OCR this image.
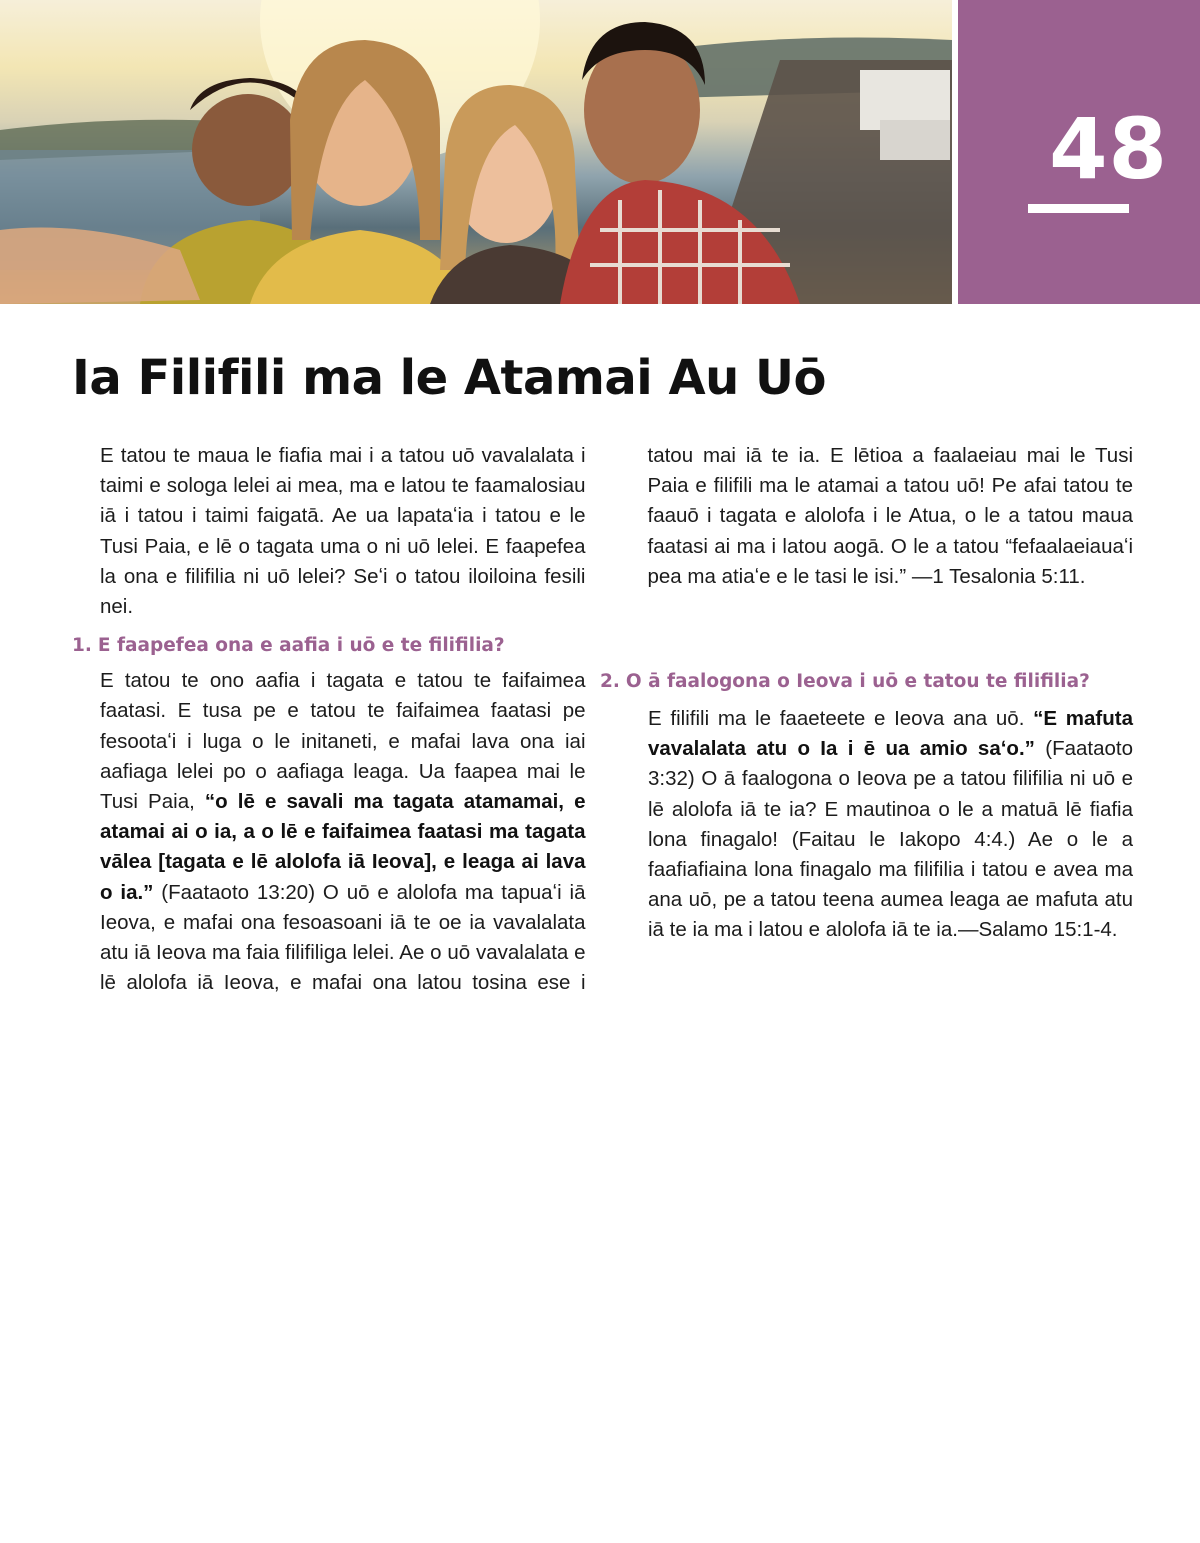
48
Ia Filifili ma le Atamai Au Uō

E tatou te maua le fiafia mai i a tatou uō vavalalata i taimi e sologa lelei ai mea, ma e latou te faamalosiau iā i tatou i taimi faigatā. Ae ua lapataʻia i tatou e le Tusi Paia, e lē o tagata uma o ni uō lelei. E faapefea la ona e filifilia ni uō lelei? Seʻi o tatou iloiloina fesili nei.

1. E faapefea ona e aafia i uō e te filifilia?

E tatou te ono aafia i tagata e tatou te faifaimea faatasi. E tusa pe e tatou te faifaimea faatasi pe fesootaʻi i luga o le initaneti, e mafai lava ona iai aafiaga lelei po o aafiaga leaga. Ua faapea mai le Tusi Paia, “o lē e savali ma tagata atamamai, e atamai ai o ia, a o lē e faifaimea faatasi ma tagata vālea [tagata e lē alolofa iā Ieova], e leaga ai lava o ia.” (Faataoto 13:20) O uō e alolofa ma tapuaʻi iā Ieova, e mafai ona fesoasoani iā te oe ia vavalalata atu iā Ieova ma faia filifiliga lelei. Ae o uō vavalalata e lē alolofa iā Ieova, e mafai ona latou tosina ese i tatou mai iā te ia. E lētioa a faalaeiau mai le Tusi Paia e filifili ma le atamai a tatou uō! Pe afai tatou te faauō i tagata e alolofa i le Atua, o le a tatou maua faatasi ai ma i latou aogā. O le a tatou “fefaalaeiauaʻi pea ma atiaʻe e le tasi le isi.” —1 Tesalonia 5:11.

2. O ā faalogona o Ieova i uō e tatou te filifilia?

E filifili ma le faaeteete e Ieova ana uō. “E mafuta vavalalata atu o Ia i ē ua amio saʻo.” (Faataoto 3:32) O ā faalogona o Ieova pe a tatou filifilia ni uō e lē alolofa iā te ia? E mautinoa o le a matuā lē fiafia lona finagalo! (Faitau le Iakopo 4:4.) Ae o le a faafiafiaina lona finagalo ma filifilia i tatou e avea ma ana uō, pe a tatou teena aumea leaga ae mafuta atu iā te ia ma i latou e alolofa iā te ia.—Salamo 15:1-4.
